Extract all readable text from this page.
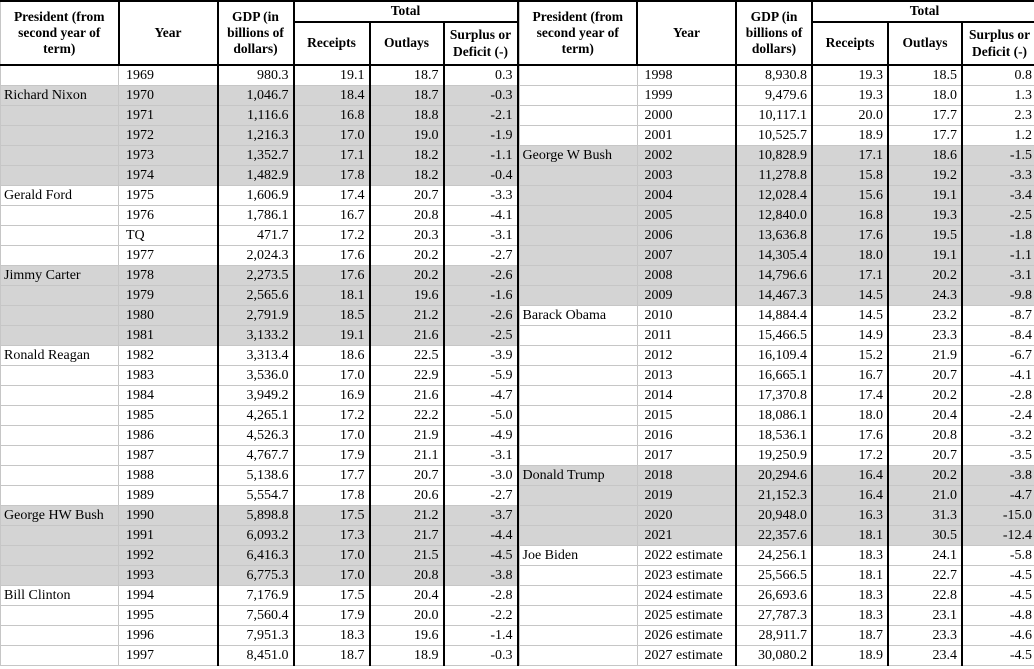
President (from second year of term)	Year	GDP (in billions of dollars)	Total		
			Receipts	Outlays	Surplus or Deficit (-)
	1969	980.3	19.1	18.7	0.3
Richard Nixon	1970	1,046.7	18.4	18.7	-0.3
	1971	1,116.6	16.8	18.8	-2.1
	1972	1,216.3	17.0	19.0	-1.9
	1973	1,352.7	17.1	18.2	-1.1
	1974	1,482.9	17.8	18.2	-0.4
Gerald Ford	1975	1,606.9	17.4	20.7	-3.3
	1976	1,786.1	16.7	20.8	-4.1
	TQ	471.7	17.2	20.3	-3.1
	1977	2,024.3	17.6	20.2	-2.7
Jimmy Carter	1978	2,273.5	17.6	20.2	-2.6
	1979	2,565.6	18.1	19.6	-1.6
	1980	2,791.9	18.5	21.2	-2.6
	1981	3,133.2	19.1	21.6	-2.5
Ronald Reagan	1982	3,313.4	18.6	22.5	-3.9
	1983	3,536.0	17.0	22.9	-5.9
	1984	3,949.2	16.9	21.6	-4.7
	1985	4,265.1	17.2	22.2	-5.0
	1986	4,526.3	17.0	21.9	-4.9
	1987	4,767.7	17.9	21.1	-3.1
	1988	5,138.6	17.7	20.7	-3.0
	1989	5,554.7	17.8	20.6	-2.7
George HW Bush	1990	5,898.8	17.5	21.2	-3.7
	1991	6,093.2	17.3	21.7	-4.4
	1992	6,416.3	17.0	21.5	-4.5
	1993	6,775.3	17.0	20.8	-3.8
Bill Clinton	1994	7,176.9	17.5	20.4	-2.8
	1995	7,560.4	17.9	20.0	-2.2
	1996	7,951.3	18.3	19.6	-1.4
	1997	8,451.0	18.7	18.9	-0.3
President (from second year of term)	Year	GDP (in billions of dollars)	Total		
			Receipts	Outlays	Surplus or Deficit (-)
	1998	8,930.8	19.3	18.5	0.8
	1999	9,479.6	19.3	18.0	1.3
	2000	10,117.1	20.0	17.7	2.3
	2001	10,525.7	18.9	17.7	1.2
George W Bush	2002	10,828.9	17.1	18.6	-1.5
	2003	11,278.8	15.8	19.2	-3.3
	2004	12,028.4	15.6	19.1	-3.4
	2005	12,840.0	16.8	19.3	-2.5
	2006	13,636.8	17.6	19.5	-1.8
	2007	14,305.4	18.0	19.1	-1.1
	2008	14,796.6	17.1	20.2	-3.1
	2009	14,467.3	14.5	24.3	-9.8
Barack Obama	2010	14,884.4	14.5	23.2	-8.7
	2011	15,466.5	14.9	23.3	-8.4
	2012	16,109.4	15.2	21.9	-6.7
	2013	16,665.1	16.7	20.7	-4.1
	2014	17,370.8	17.4	20.2	-2.8
	2015	18,086.1	18.0	20.4	-2.4
	2016	18,536.1	17.6	20.8	-3.2
	2017	19,250.9	17.2	20.7	-3.5
Donald Trump	2018	20,294.6	16.4	20.2	-3.8
	2019	21,152.3	16.4	21.0	-4.7
	2020	20,948.0	16.3	31.3	-15.0
	2021	22,357.6	18.1	30.5	-12.4
Joe Biden	2022 estimate	24,256.1	18.3	24.1	-5.8
	2023 estimate	25,566.5	18.1	22.7	-4.5
	2024 estimate	26,693.6	18.3	22.8	-4.5
	2025 estimate	27,787.3	18.3	23.1	-4.8
	2026 estimate	28,911.7	18.7	23.3	-4.6
	2027 estimate	30,080.2	18.9	23.4	-4.5
